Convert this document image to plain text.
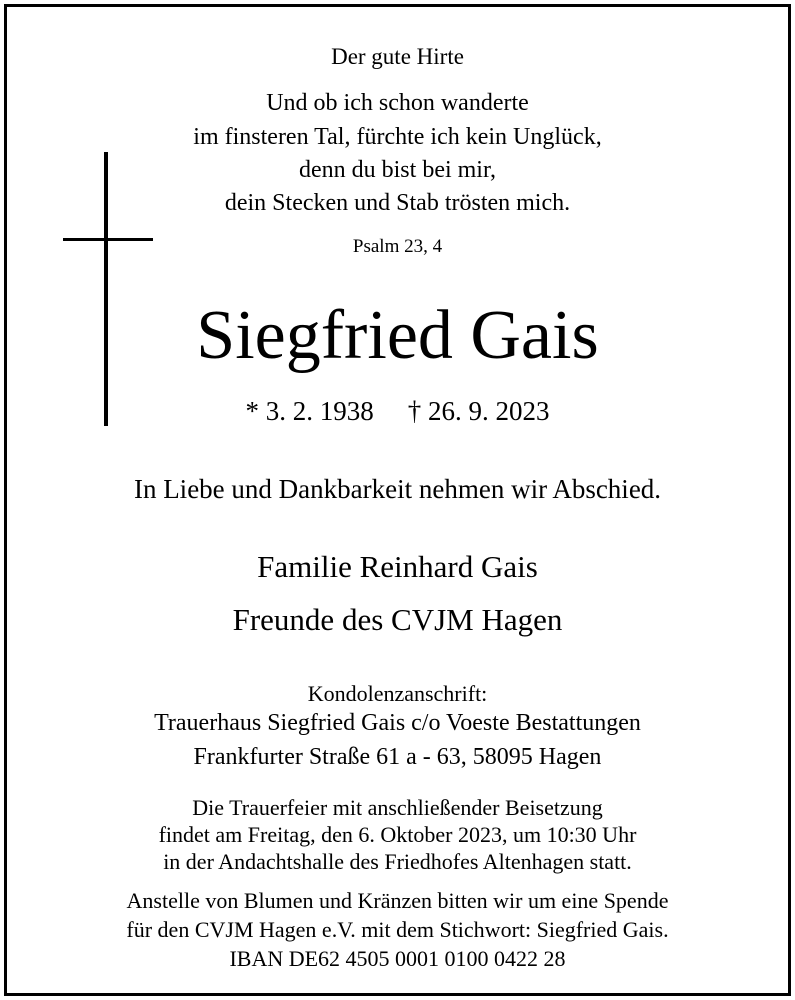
Der gute Hirte

Und ob ich schon wanderte

im finsteren Tal, fürchte ich kein Unglück,

denn du bist bei mir,

dein Stecken und Stab trösten mich.

Psalm 23, 4

Siegfried Gais

* 3. 2. 1938 † 26. 9. 2023

In Liebe und Dankbarkeit nehmen wir Abschied.

Familie Reinhard Gais

Freunde des CVJM Hagen

Kondolenzanschrift:

Trauerhaus Siegfried Gais c/o Voeste Bestattungen

Frankfurter Straße 61 a - 63, 58095 Hagen

Die Trauerfeier mit anschließender Beisetzung

findet am Freitag, den 6. Oktober 2023, um 10:30 Uhr

in der Andachtshalle des Friedhofes Altenhagen statt.

Anstelle von Blumen und Kränzen bitten wir um eine Spende

für den CVJM Hagen e.V. mit dem Stichwort: Siegfried Gais.

IBAN DE62 4505 0001 0100 0422 28
